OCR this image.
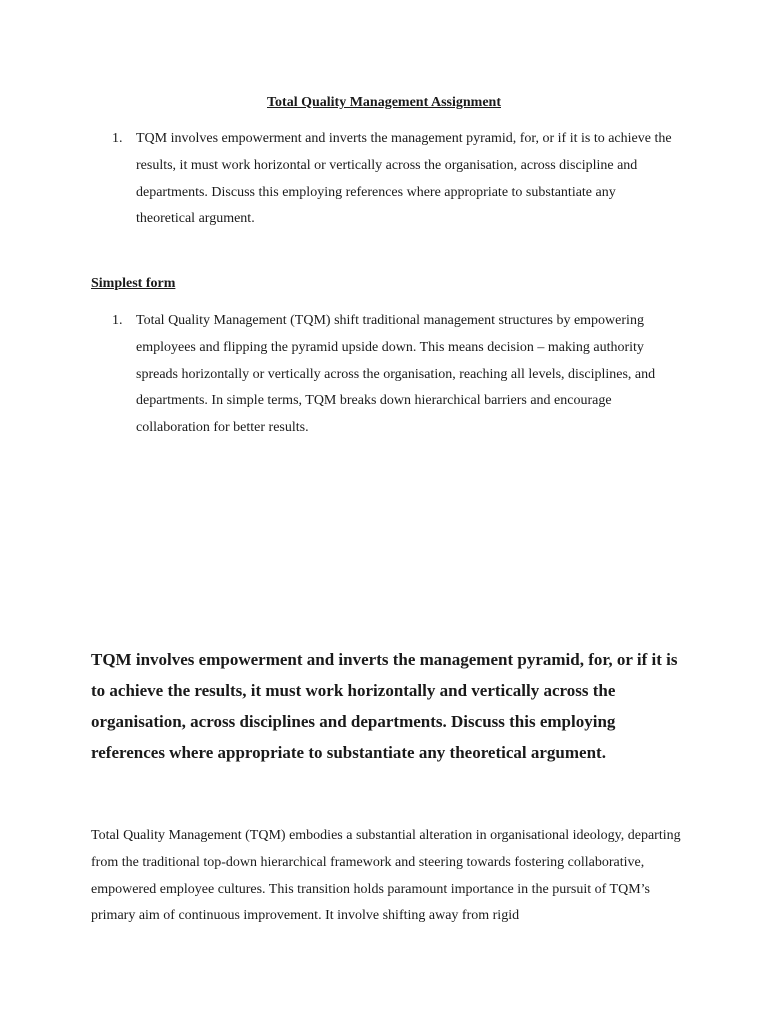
Total Quality Management Assignment
1. TQM involves empowerment and inverts the management pyramid, for, or if it is to achieve the results, it must work horizontal or vertically across the organisation, across discipline and departments. Discuss this employing references where appropriate to substantiate any theoretical argument.
Simplest form
1. Total Quality Management (TQM) shift traditional management structures by empowering employees and flipping the pyramid upside down. This means decision – making authority spreads horizontally or vertically across the organisation, reaching all levels, disciplines, and departments. In simple terms, TQM breaks down hierarchical barriers and encourage collaboration for better results.

TQM involves empowerment and inverts the management pyramid, for, or if it is to achieve the results, it must work horizontally and vertically across the organisation, across disciplines and departments. Discuss this employing references where appropriate to substantiate any theoretical argument.

Total Quality Management (TQM) embodies a substantial alteration in organisational ideology, departing from the traditional top-down hierarchical framework and steering towards fostering collaborative, empowered employee cultures. This transition holds paramount importance in the pursuit of TQM’s primary aim of continuous improvement. It involve shifting away from rigid
